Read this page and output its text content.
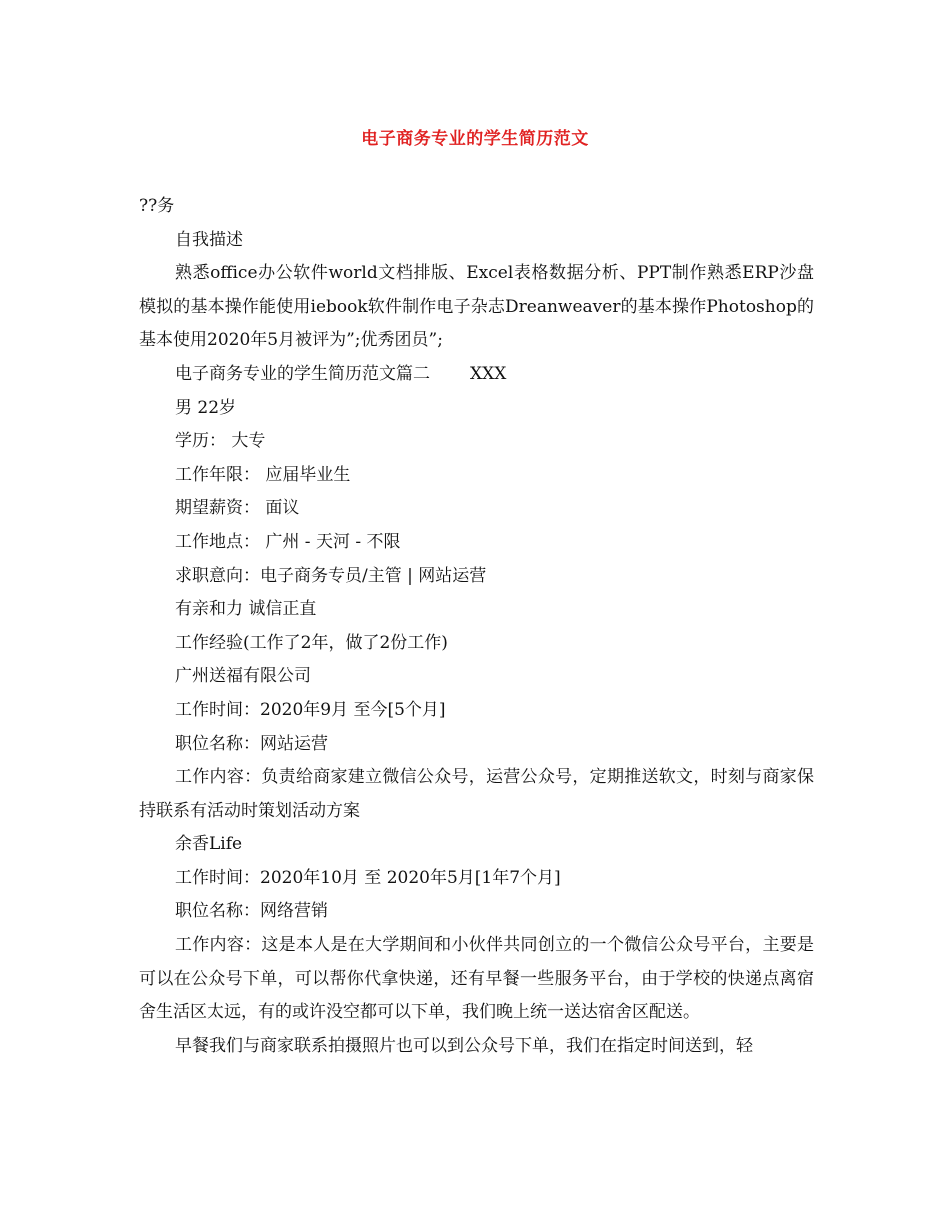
电子商务专业的学生简历范文

??务

自我描述

熟悉office办公软件world文档排版、Excel表格数据分析、PPT制作熟悉ERP沙盘模拟的基本操作能使用iebook软件制作电子杂志Dreanweaver的基本操作Photoshop的基本使用2020年5月被评为”;优秀团员”;

电子商务专业的学生简历范文篇二 XXX

男 22岁

学历： 大专

工作年限： 应届毕业生

期望薪资： 面议

工作地点： 广州 - 天河 - 不限

求职意向：电子商务专员/主管 | 网站运营

有亲和力 诚信正直

工作经验(工作了2年，做了2份工作)

广州送福有限公司

工作时间：2020年9月 至今[5个月]

职位名称：网站运营

工作内容：负责给商家建立微信公众号，运营公众号，定期推送软文，时刻与商家保持联系有活动时策划活动方案

余香Life

工作时间：2020年10月 至 2020年5月[1年7个月]

职位名称：网络营销

工作内容：这是本人是在大学期间和小伙伴共同创立的一个微信公众号平台，主要是可以在公众号下单，可以帮你代拿快递，还有早餐一些服务平台，由于学校的快递点离宿舍生活区太远，有的或许没空都可以下单，我们晚上统一送达宿舍区配送。

早餐我们与商家联系拍摄照片也可以到公众号下单，我们在指定时间送到，轻
